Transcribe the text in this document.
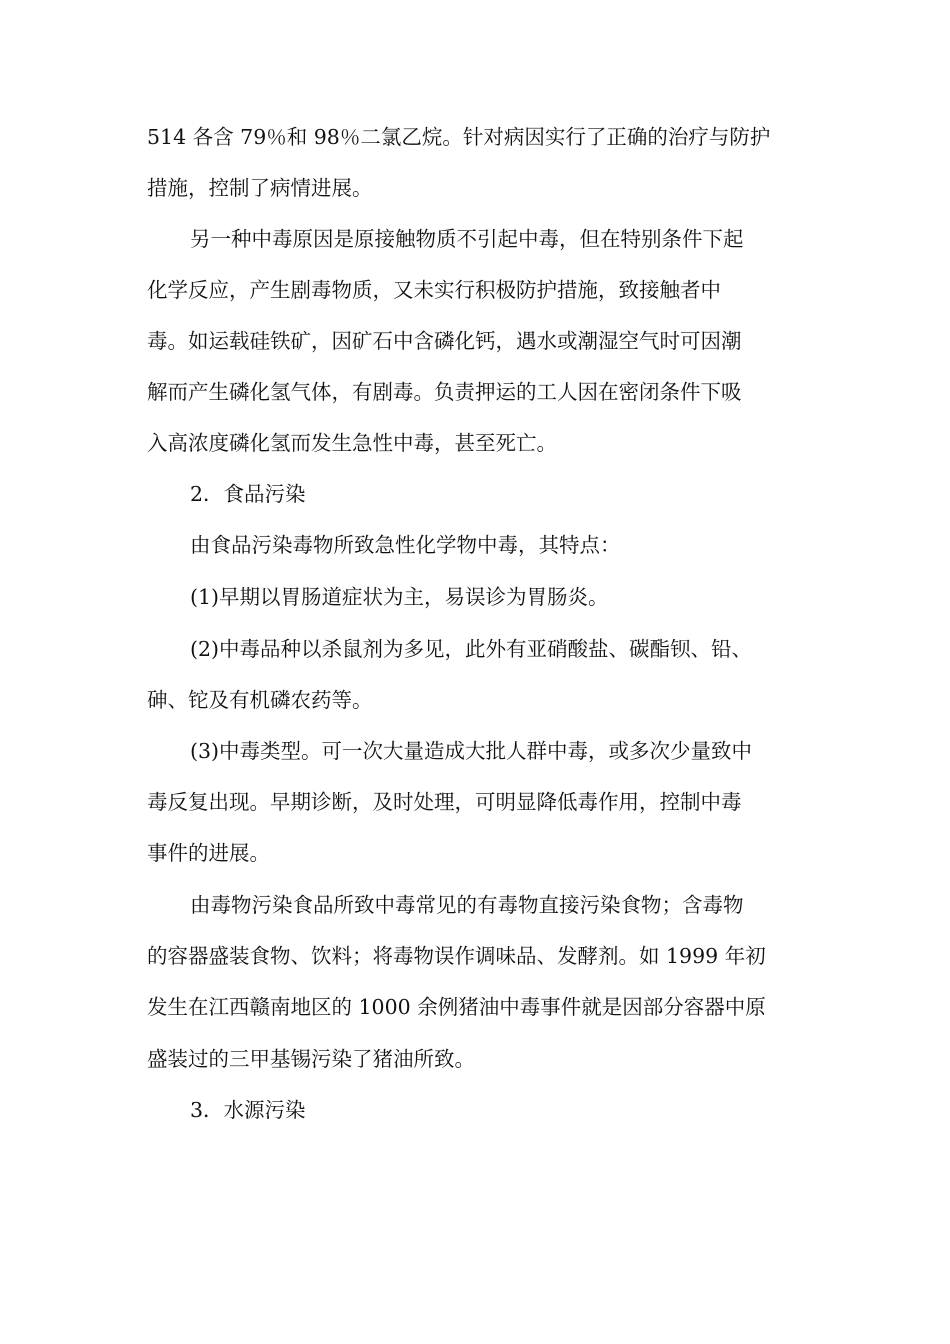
514 各含 79％和 98％二氯乙烷。针对病因实行了正确的治疗与防护
措施，控制了病情进展。
另一种中毒原因是原接触物质不引起中毒，但在特别条件下起
化学反应，产生剧毒物质，又未实行积极防护措施，致接触者中
毒。如运载硅铁矿，因矿石中含磷化钙，遇水或潮湿空气时可因潮
解而产生磷化氢气体，有剧毒。负责押运的工人因在密闭条件下吸
入高浓度磷化氢而发生急性中毒，甚至死亡。
2．食品污染
由食品污染毒物所致急性化学物中毒，其特点：
(1)早期以胃肠道症状为主，易误诊为胃肠炎。
(2)中毒品种以杀鼠剂为多见，此外有亚硝酸盐、碳酯钡、铅、
砷、铊及有机磷农药等。
(3)中毒类型。可一次大量造成大批人群中毒，或多次少量致中
毒反复出现。早期诊断，及时处理，可明显降低毒作用，控制中毒
事件的进展。
由毒物污染食品所致中毒常见的有毒物直接污染食物；含毒物
的容器盛装食物、饮料；将毒物误作调味品、发酵剂。如 1999 年初
发生在江西赣南地区的 1000 余例猪油中毒事件就是因部分容器中原
盛装过的三甲基锡污染了猪油所致。
3．水源污染
